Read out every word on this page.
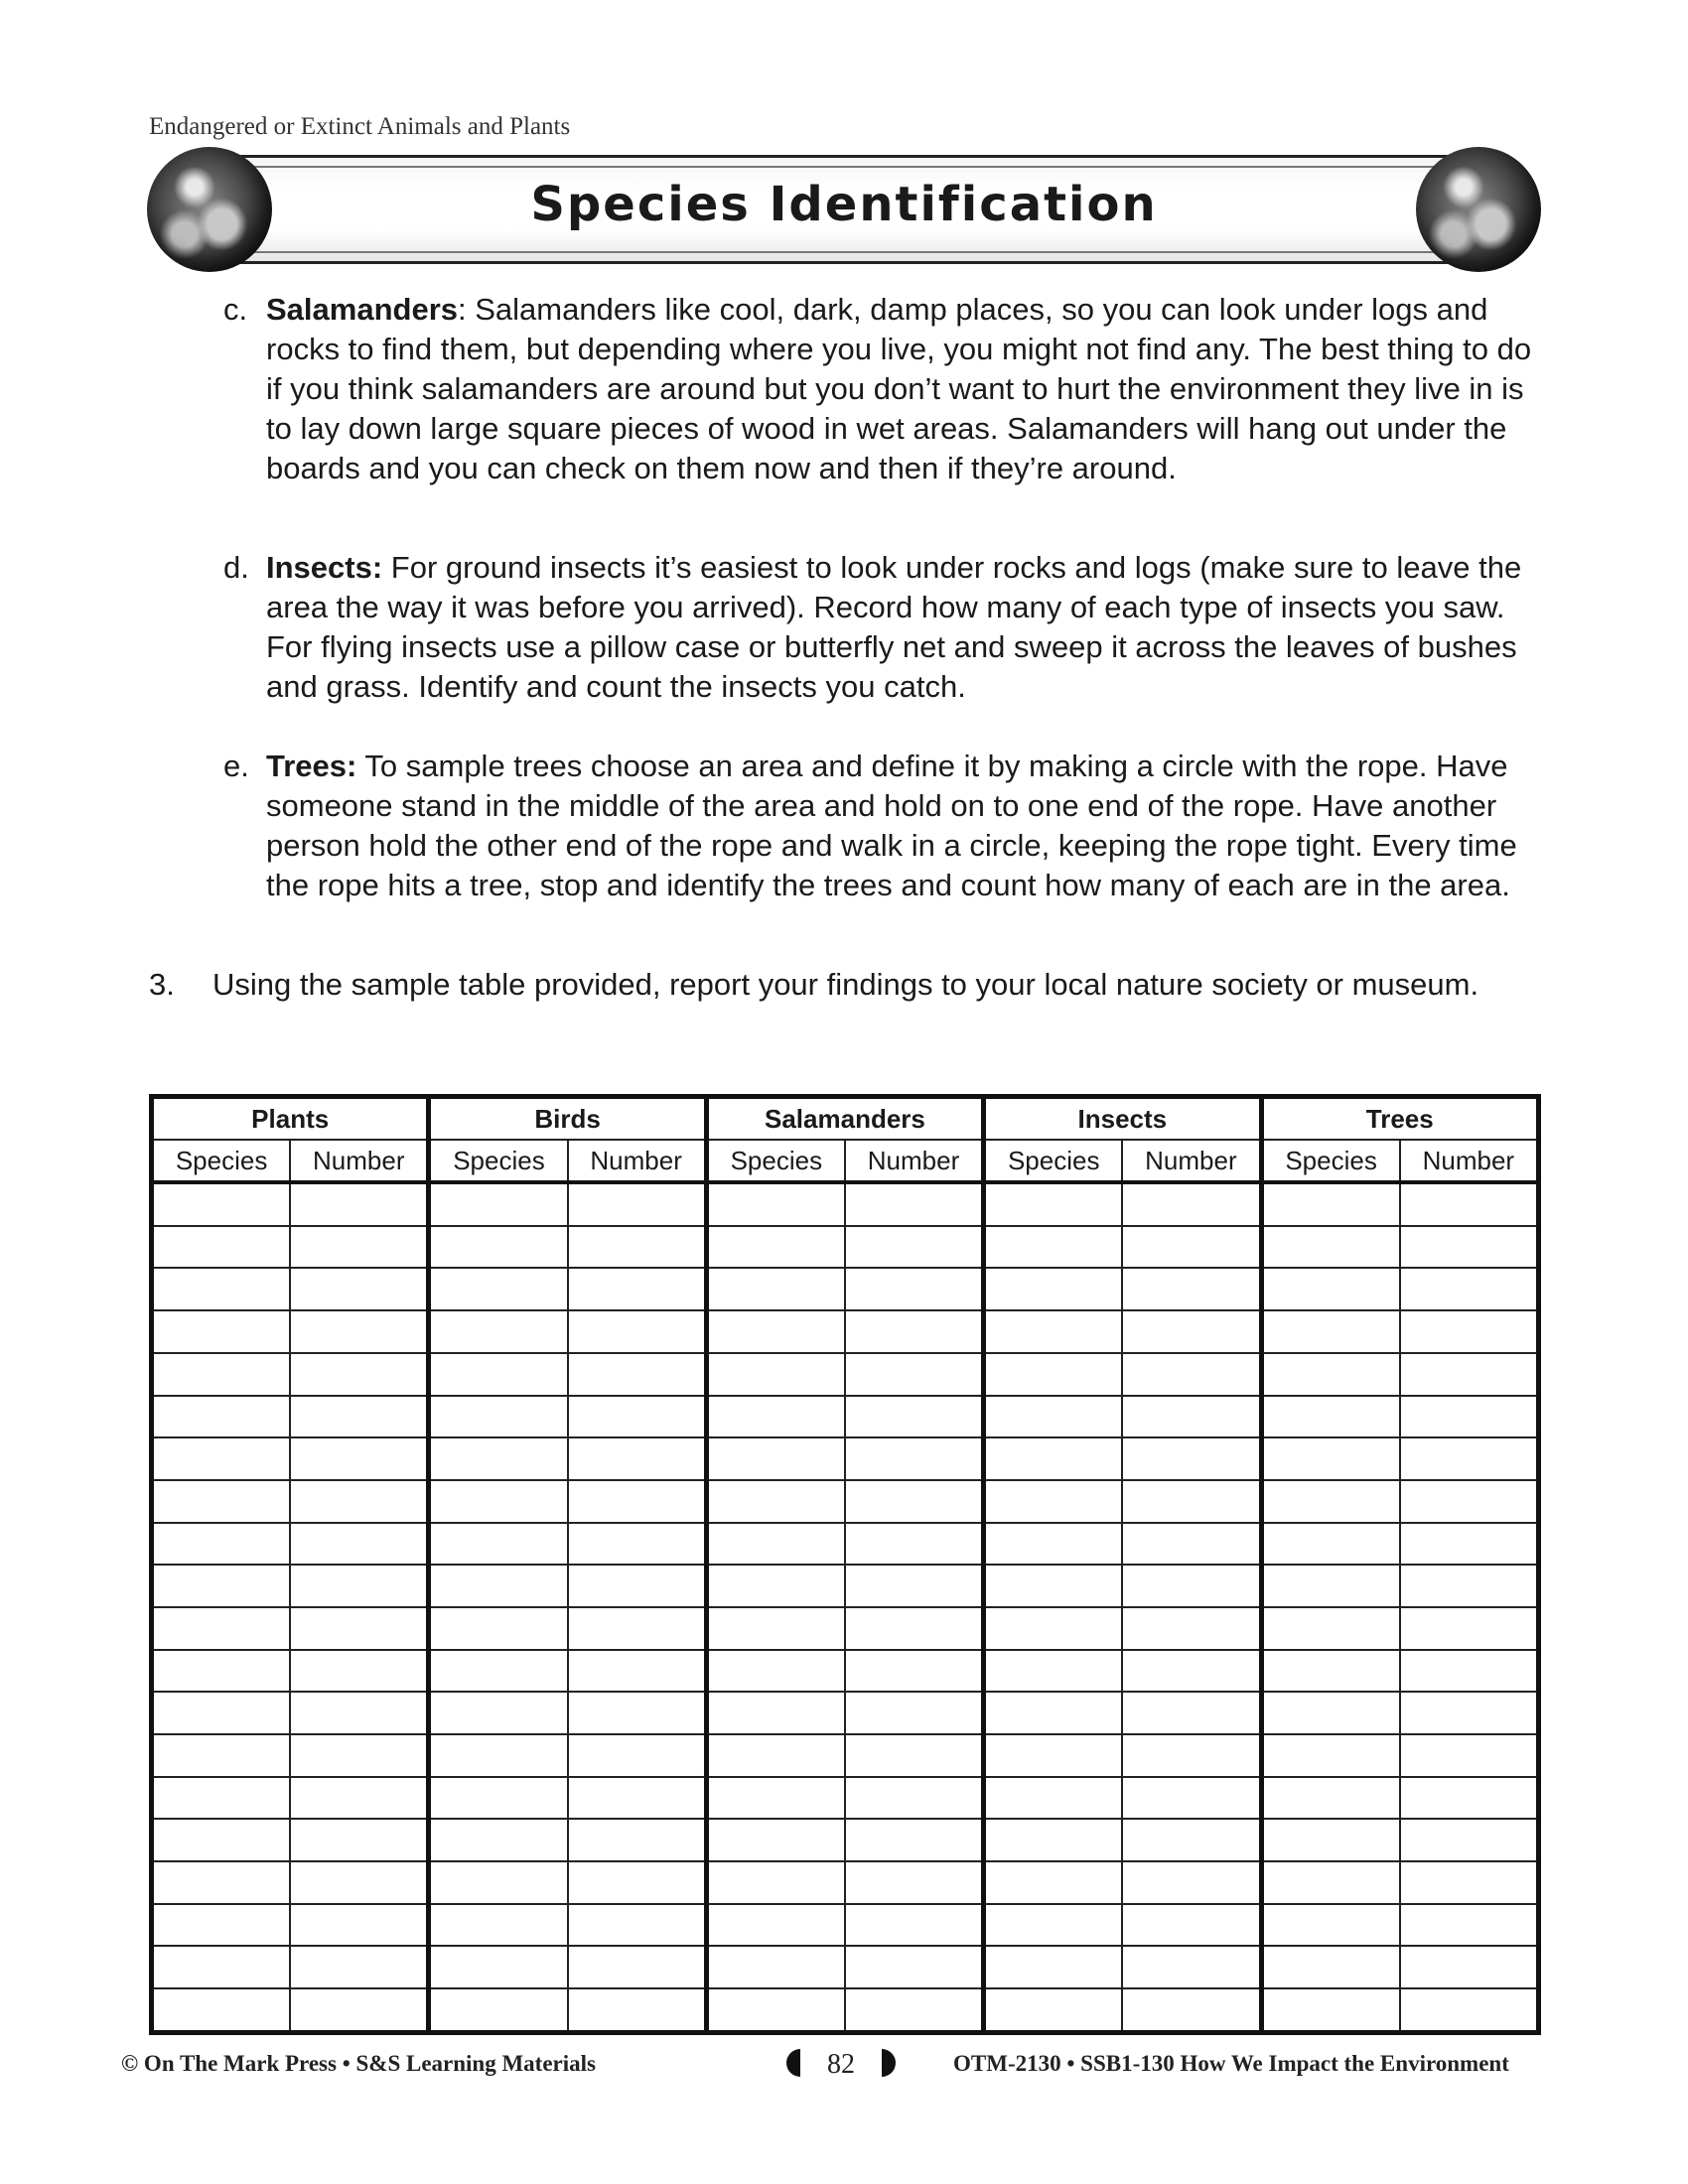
Endangered or Extinct Animals and Plants
Species Identification
c. Salamanders: Salamanders like cool, dark, damp places, so you can look under logs and rocks to find them, but depending where you live, you might not find any. The best thing to do if you think salamanders are around but you don’t want to hurt the environment they live in is to lay down large square pieces of wood in wet areas. Salamanders will hang out under the boards and you can check on them now and then if they’re around.
d. Insects: For ground insects it’s easiest to look under rocks and logs (make sure to leave the area the way it was before you arrived). Record how many of each type of insects you saw. For flying insects use a pillow case or butterfly net and sweep it across the leaves of bushes and grass. Identify and count the insects you catch.
e. Trees: To sample trees choose an area and define it by making a circle with the rope. Have someone stand in the middle of the area and hold on to one end of the rope. Have another person hold the other end of the rope and walk in a circle, keeping the rope tight. Every time the rope hits a tree, stop and identify the trees and count how many of each are in the area.
3. Using the sample table provided, report your findings to your local nature society or museum.
Plants		Birds		Salamanders		Insects		Trees	
Species	Number	Species	Number	Species	Number	Species	Number	Species	Number

© On The Mark Press • S&S Learning Materials	82	OTM-2130 • SSB1-130 How We Impact the Environment
